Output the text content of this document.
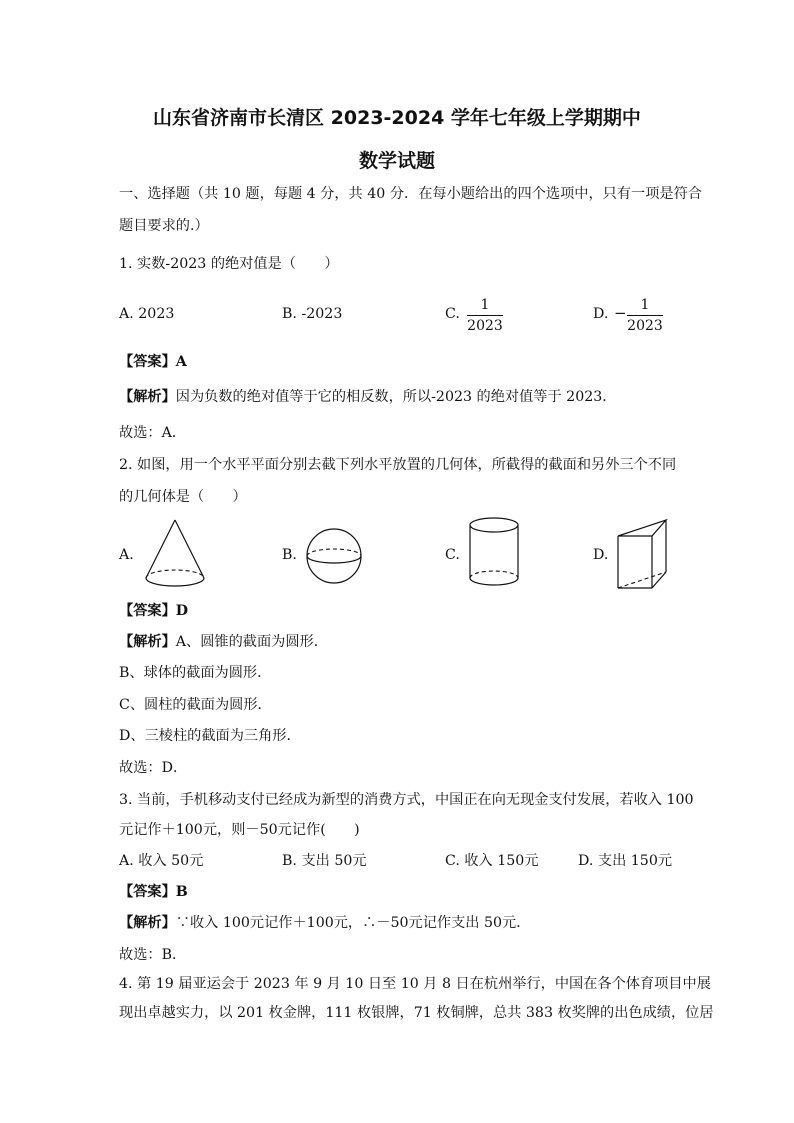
山东省济南市长清区 2023-2024 学年七年级上学期期中
数学试题
一、选择题（共 10 题，每题 4 分，共 40 分．在每小题给出的四个选项中，只有一项是符合
题目要求的.）
1. 实数-2023 的绝对值是（　　）
A. 2023	B. -2023	C.
1
2023
D. − 1
2023
【答案】A
【解析】因为负数的绝对值等于它的相反数，所以-2023 的绝对值等于 2023．
故选：A．
2. 如图，用一个水平平面分别去截下列水平放置的几何体，所截得的截面和另外三个不同
的几何体是（　　）
A.	B.	C.	D.
【答案】D
【解析】A、圆锥的截面为圆形．
B、球体的截面为圆形．
C、圆柱的截面为圆形．
D、三棱柱的截面为三角形．
故选：D．
3. 当前，手机移动支付已经成为新型的消费方式，中国正在向无现金支付发展，若收入 100
元记作＋100元，则－50元记作(　　)
A. 收入 50元	B. 支出 50元	C. 收入 150元	D. 支出 150元
【答案】B
【解析】∵收入 100元记作＋100元，∴－50元记作支出 50元．
故选：B．
4. 第 19 届亚运会于 2023 年 9 月 10 日至 10 月 8 日在杭州举行，中国在各个体育项目中展
现出卓越实力，以 201 枚金牌，111 枚银牌，71 枚铜牌，总共 383 枚奖牌的出色成绩，位居
